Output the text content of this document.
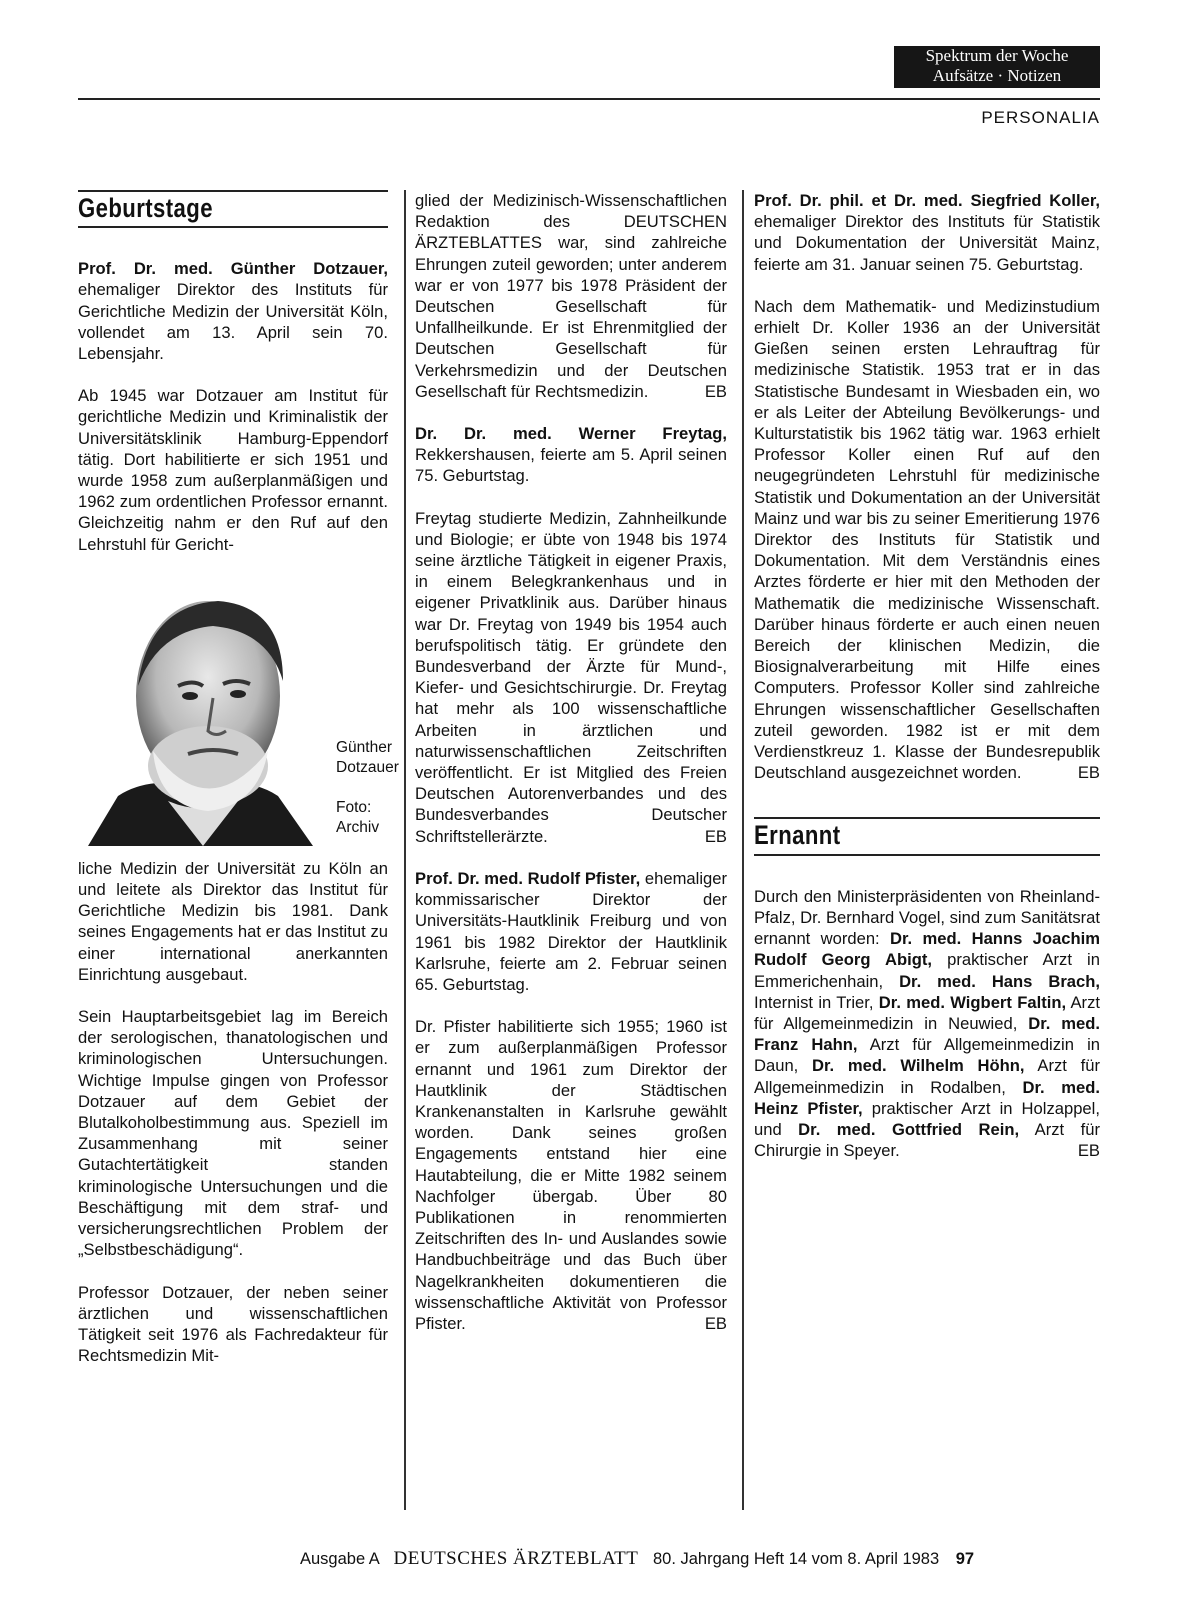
Spektrum der Woche
Aufsätze · Notizen
PERSONALIA
Geburtstage

Prof. Dr. med. Günther Dotzauer, ehemaliger Direktor des Instituts für Gerichtliche Medizin der Universität Köln, vollendet am 13. April sein 70. Lebensjahr.

Ab 1945 war Dotzauer am Institut für gerichtliche Medizin und Kriminalistik der Universitätsklinik Hamburg-Eppendorf tätig. Dort habilitierte er sich 1951 und wurde 1958 zum außerplanmäßigen und 1962 zum ordentlichen Professor ernannt. Gleichzeitig nahm er den Ruf auf den Lehrstuhl für Gericht-

Günther Dotzauer
Foto: Archiv

liche Medizin der Universität zu Köln an und leitete als Direktor das Institut für Gerichtliche Medizin bis 1981. Dank seines Engagements hat er das Institut zu einer international anerkannten Einrichtung ausgebaut.

Sein Hauptarbeitsgebiet lag im Bereich der serologischen, thanatologischen und kriminologischen Untersuchungen. Wichtige Impulse gingen von Professor Dotzauer auf dem Gebiet der Blutalkoholbestimmung aus. Speziell im Zusammenhang mit seiner Gutachtertätigkeit standen kriminologische Untersuchungen und die Beschäftigung mit dem straf- und versicherungsrechtlichen Problem der „Selbstbeschädigung“.

Professor Dotzauer, der neben seiner ärztlichen und wissenschaftlichen Tätigkeit seit 1976 als Fachredakteur für Rechtsmedizin Mit-

glied der Medizinisch-Wissenschaftlichen Redaktion des DEUTSCHEN ÄRZTEBLATTES war, sind zahlreiche Ehrungen zuteil geworden; unter anderem war er von 1977 bis 1978 Präsident der Deutschen Gesellschaft für Unfallheilkunde. Er ist Ehrenmitglied der Deutschen Gesellschaft für Verkehrsmedizin und der Deutschen Gesellschaft für Rechtsmedizin.	EB

Dr. Dr. med. Werner Freytag, Rekkershausen, feierte am 5. April seinen 75. Geburtstag.

Freytag studierte Medizin, Zahnheilkunde und Biologie; er übte von 1948 bis 1974 seine ärztliche Tätigkeit in eigener Praxis, in einem Belegkrankenhaus und in eigener Privatklinik aus. Darüber hinaus war Dr. Freytag von 1949 bis 1954 auch berufspolitisch tätig. Er gründete den Bundesverband der Ärzte für Mund-, Kiefer- und Gesichtschirurgie. Dr. Freytag hat mehr als 100 wissenschaftliche Arbeiten in ärztlichen und naturwissenschaftlichen Zeitschriften veröffentlicht. Er ist Mitglied des Freien Deutschen Autorenverbandes und des Bundesverbandes Deutscher Schriftstellerärzte.	EB

Prof. Dr. med. Rudolf Pfister, ehemaliger kommissarischer Direktor der Universitäts-Hautklinik Freiburg und von 1961 bis 1982 Direktor der Hautklinik Karlsruhe, feierte am 2. Februar seinen 65. Geburtstag.

Dr. Pfister habilitierte sich 1955; 1960 ist er zum außerplanmäßigen Professor ernannt und 1961 zum Direktor der Hautklinik der Städtischen Krankenanstalten in Karlsruhe gewählt worden. Dank seines großen Engagements entstand hier eine Hautabteilung, die er Mitte 1982 seinem Nachfolger übergab. Über 80 Publikationen in renommierten Zeitschriften des In- und Auslandes sowie Handbuchbeiträge und das Buch über Nagelkrankheiten dokumentieren die wissenschaftliche Aktivität von Professor Pfister.	EB

Prof. Dr. phil. et Dr. med. Siegfried Koller, ehemaliger Direktor des Instituts für Statistik und Dokumentation der Universität Mainz, feierte am 31. Januar seinen 75. Geburtstag.

Nach dem Mathematik- und Medizinstudium erhielt Dr. Koller 1936 an der Universität Gießen seinen ersten Lehrauftrag für medizinische Statistik. 1953 trat er in das Statistische Bundesamt in Wiesbaden ein, wo er als Leiter der Abteilung Bevölkerungs- und Kulturstatistik bis 1962 tätig war. 1963 erhielt Professor Koller einen Ruf auf den neugegründeten Lehrstuhl für medizinische Statistik und Dokumentation an der Universität Mainz und war bis zu seiner Emeritierung 1976 Direktor des Instituts für Statistik und Dokumentation. Mit dem Verständnis eines Arztes förderte er hier mit den Methoden der Mathematik die medizinische Wissenschaft. Darüber hinaus förderte er auch einen neuen Bereich der klinischen Medizin, die Biosignalverarbeitung mit Hilfe eines Computers. Professor Koller sind zahlreiche Ehrungen wissenschaftlicher Gesellschaften zuteil geworden. 1982 ist er mit dem Verdienstkreuz 1. Klasse der Bundesrepublik Deutschland ausgezeichnet worden.	EB

Ernannt

Durch den Ministerpräsidenten von Rheinland-Pfalz, Dr. Bernhard Vogel, sind zum Sanitätsrat ernannt worden: Dr. med. Hanns Joachim Rudolf Georg Abigt, praktischer Arzt in Emmerichenhain, Dr. med. Hans Brach, Internist in Trier, Dr. med. Wigbert Faltin, Arzt für Allgemeinmedizin in Neuwied, Dr. med. Franz Hahn, Arzt für Allgemeinmedizin in Daun, Dr. med. Wilhelm Höhn, Arzt für Allgemeinmedizin in Rodalben, Dr. med. Heinz Pfister, praktischer Arzt in Holzappel, und Dr. med. Gottfried Rein, Arzt für Chirurgie in Speyer.	EB

Ausgabe A DEUTSCHES ÄRZTEBLATT 80. Jahrgang Heft 14 vom 8. April 1983 97
